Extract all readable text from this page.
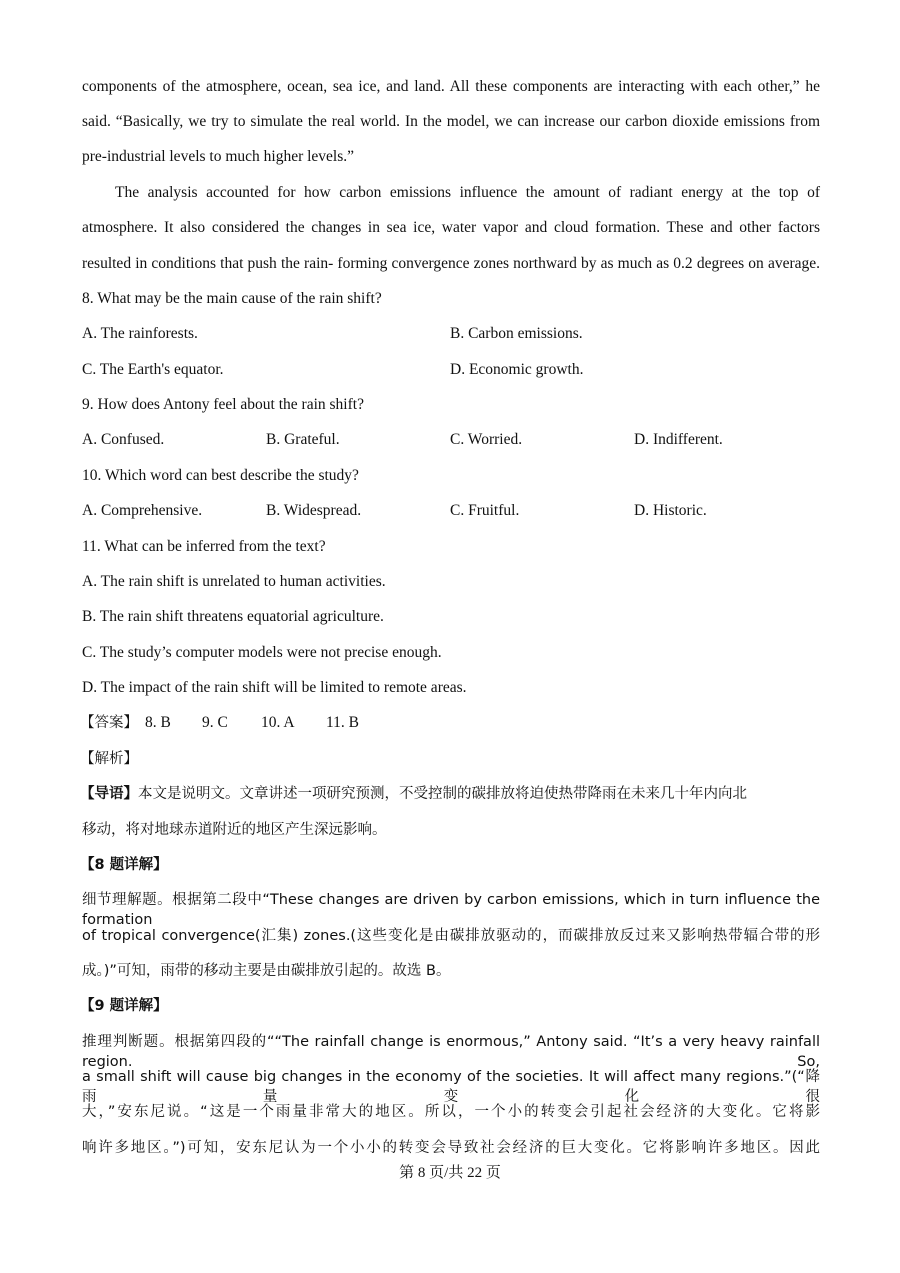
components of the atmosphere, ocean, sea ice, and land. All these components are interacting with each other,” he
said. “Basically, we try to simulate the real world. In the model, we can increase our carbon dioxide emissions from
pre-industrial levels to much higher levels.”
The analysis accounted for how carbon emissions influence the amount of radiant energy at the top of
atmosphere. It also considered the changes in sea ice, water vapor and cloud formation. These and other factors
resulted in conditions that push the rain- forming convergence zones northward by as much as 0.2 degrees on average.
8. What may be the main cause of the rain shift?
A. The rainforests.	B. Carbon emissions.
C. The Earth's equator.	D. Economic growth.
9. How does Antony feel about the rain shift?
A. Confused.	B. Grateful.	C. Worried.	D. Indifferent.
10. Which word can best describe the study?
A. Comprehensive.	B. Widespread.	C. Fruitful.	D. Historic.
11. What can be inferred from the text?
A. The rain shift is unrelated to human activities.
B. The rain shift threatens equatorial agriculture.
C. The study’s computer models were not precise enough.
D. The impact of the rain shift will be limited to remote areas.
【答案】 8. B 9. C 10. A 11. B
【解析】
【导语】本文是说明文。文章讲述一项研究预测，不受控制的碳排放将迫使热带降雨在未来几十年内向北
移动，将对地球赤道附近的地区产生深远影响。
【8 题详解】
细节理解题。根据第二段中“These changes are driven by carbon emissions, which in turn influence the formation
of tropical convergence(汇集) zones.(这些变化是由碳排放驱动的，而碳排放反过来又影响热带辐合带的形
成。)”可知，雨带的移动主要是由碳排放引起的。故选 B。
【9 题详解】
推理判断题。根据第四段的““The rainfall change is enormous,” Antony said. “It’s a very heavy rainfall region. So,
a small shift will cause big changes in the economy of the societies. It will affect many regions.”(“降雨量变化很
大，”安东尼说。“这是一个雨量非常大的地区。所以，一个小的转变会引起社会经济的大变化。它将影
响许多地区。”)可知，安东尼认为一个小小的转变会导致社会经济的巨大变化。它将影响许多地区。因此
第 8 页/共 22 页
